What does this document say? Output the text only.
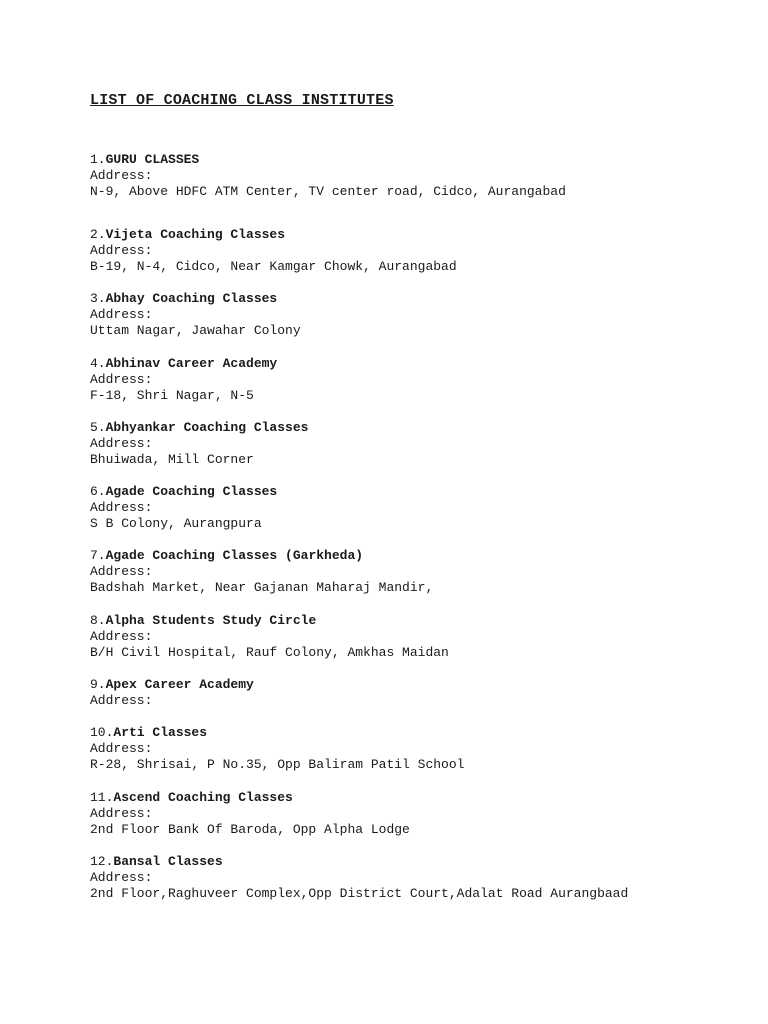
LIST OF COACHING CLASS INSTITUTES
1.GURU CLASSES
Address:
N-9, Above HDFC ATM Center, TV center road, Cidco, Aurangabad
2.Vijeta Coaching Classes
Address:
B-19, N-4, Cidco, Near Kamgar Chowk, Aurangabad
3.Abhay Coaching Classes
Address:
Uttam Nagar, Jawahar Colony
4.Abhinav Career Academy
Address:
F-18, Shri Nagar, N-5
5.Abhyankar Coaching Classes
Address:
Bhuiwada, Mill Corner
6.Agade Coaching Classes
Address:
S B Colony, Aurangpura
7.Agade Coaching Classes (Garkheda)
Address:
Badshah Market, Near Gajanan Maharaj Mandir,
8.Alpha Students Study Circle
Address:
B/H Civil Hospital, Rauf Colony, Amkhas Maidan
9.Apex Career Academy
Address:
10.Arti Classes
Address:
R-28, Shrisai, P No.35, Opp Baliram Patil School
11.Ascend Coaching Classes
Address:
2nd Floor Bank Of Baroda, Opp Alpha Lodge
12.Bansal Classes
Address:
2nd Floor,Raghuveer Complex,Opp District Court,Adalat Road Aurangbaad
